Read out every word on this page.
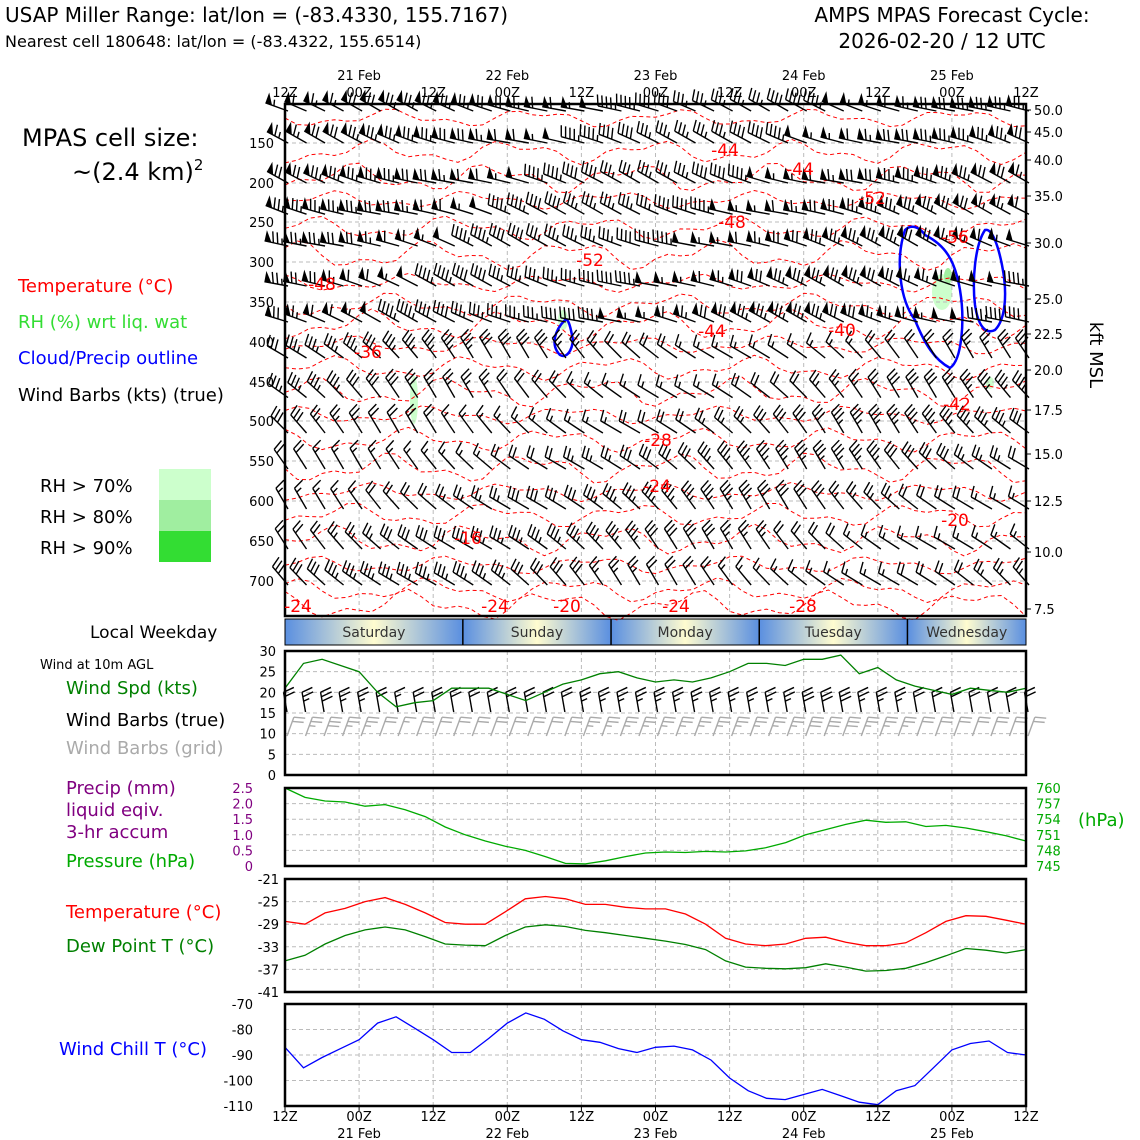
Saturday	Sunday	Monday	Tuesday	Wednesday
150
200
250
300
350
400
450
500
550
600
650
700
50.0
45.0
40.0
35.0
30.0
25.0
22.5
20.0
17.5
15.0
12.5
10.0
7.5
-44
-44
-52
-48
-56
-52
-48
-36
-44	-40
-28
-24
-42
-20
-16
-24	-24
-20
-24	-28
0
5
10
15
20
25
30
0
0.5
1.0
1.5
2.0
2.5
745
748
751
754
757
760
-41
-37
-33
-29
-25
-21
-110
-100
-90
-80
-70
12Z
12Z
00Z
00Z
12Z
12Z
00Z
00Z
12Z
12Z
00Z
00Z
12Z
12Z
00Z
00Z
12Z
12Z
00Z
00Z
12Z
12Z
21 Feb
21 Feb
22 Feb
22 Feb
23 Feb
23 Feb
24 Feb
24 Feb
25 Feb
25 Feb
USAP Miller Range: lat/lon = (-83.4330, 155.7167)
Nearest cell 180648: lat/lon = (-83.4322, 155.6514)
AMPS MPAS Forecast Cycle:
2026-02-20 / 12 UTC
MPAS cell size:
~(2.4 km)$^2$
Temperature (°C)
RH (%) wrt liq. wat
Cloud/Precip outline
Wind Barbs (kts) (true)
RH > 70%
RH > 80%
RH > 90%
Local Weekday
Wind at 10m AGL
Wind Spd (kts)
Wind Barbs (true)
Wind Barbs (grid)
Precip (mm)
liquid eqiv.
3-hr accum
Pressure (hPa)
Temperature (°C)
Dew Point T (°C)
Wind Chill T (°C)
kft MSL
(hPa)
